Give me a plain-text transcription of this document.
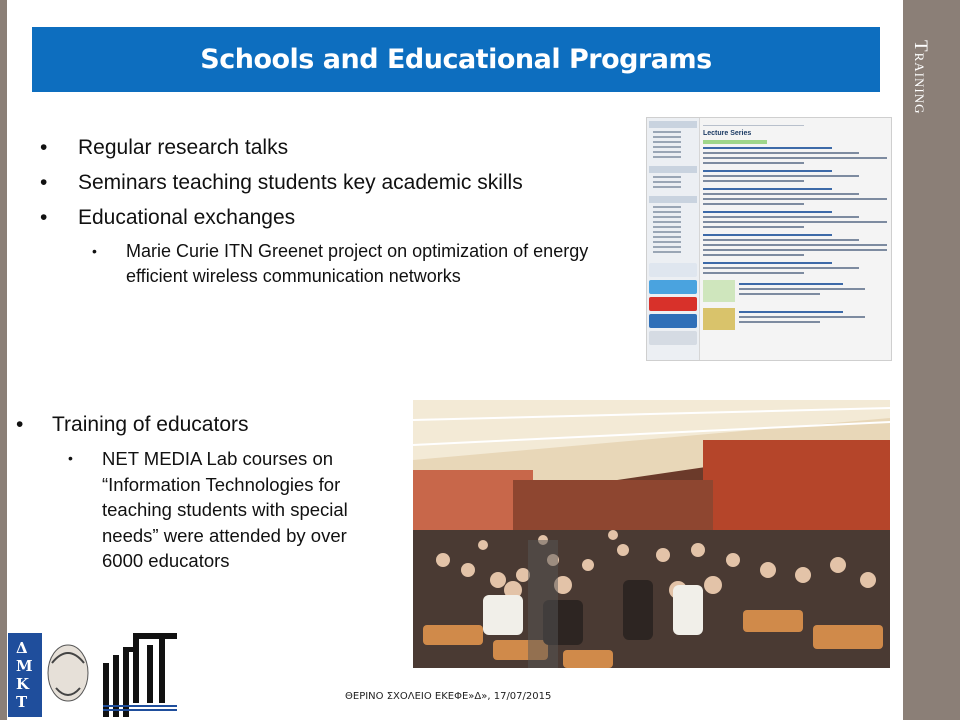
Training
Schools and Educational Programs
• Regular research talks
• Seminars teaching students key academic skills
• Educational exchanges
• Marie Curie ITN Greenet project on optimization of energy efficient wireless communication networks
Lecture Series
• Training of educators
• NET MEDIA Lab courses on “Information Technologies for teaching students with special needs” were attended by over 6000 educators
Δ
Μ
Κ
Τ	ΘΕΡΙΝΟ ΣΧΟΛΕΙΟ ΕΚΕΦΕ»Δ», 17/07/2015
